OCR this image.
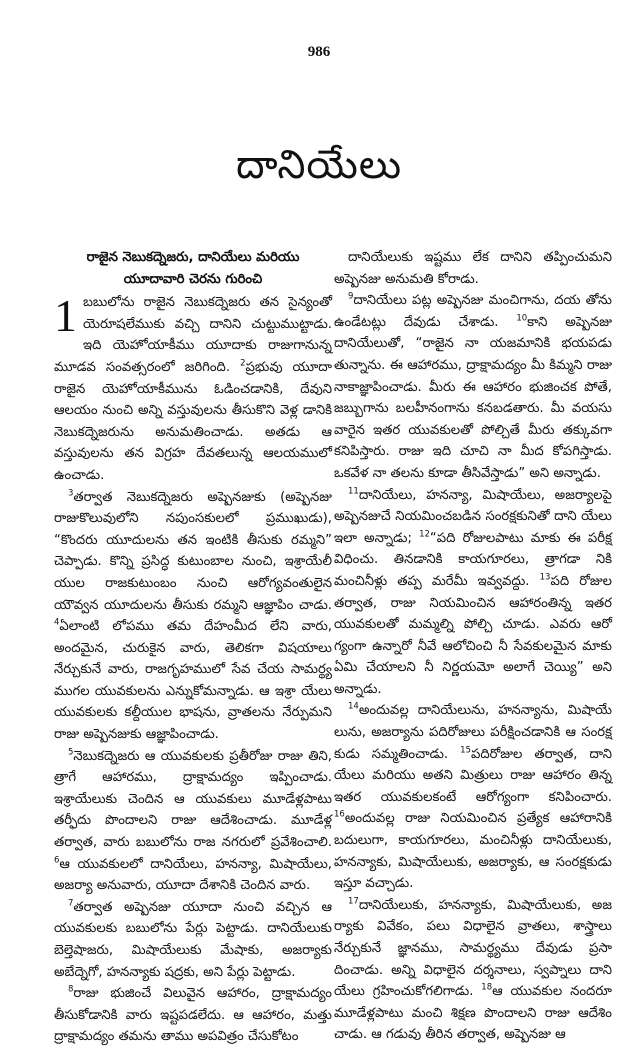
986
దానియేలు
రాజైన నెబుకద్నెజరు, దానియేలు మరియు యూదావారి చెరను గురించి

1 బబులోను రాజైన నెబుకద్నెజరు తన సైన్యంతో యెరూషలేముకు వచ్చి దానిని చుట్టుముట్టాడు. ఇది యెహోయాకీము యూదాకు రాజుగానున్న మూడవ సంవత్సరంలో జరిగింది. $^2$ప్రభువు యూదా రాజైన యెహోయాకీమును ఓడించడానికి, దేవుని ఆలయం నుంచి అన్ని వస్తువులను తీసుకొని వెళ్ల డానికి నెబుకద్నెజరును అనుమతించాడు. అతడు ఆ వస్తువులను తన విగ్రహ దేవతలున్న ఆలయములో ఉంచాడు.

$^3$తర్వాత నెబుకద్నెజరు అష్పెనజుకు (అష్పెనజు రాజుకొలువులోని నపుంసకులలో ప్రముఖుడు), “కొందరు యూదులను తన ఇంటికి తీసుకు రమ్మని” చెప్పాడు. కొన్ని ప్రసిద్ధ కుటుంబాల నుంచి, ఇశ్రాయేలీ యుల రాజకుటుంబం నుంచి ఆరోగ్యవంతులైన యౌవ్వన యూదులను తీసుకు రమ్మని ఆజ్ఞాపిం చాడు. $^4$ఏలాంటి లోపము తమ దేహంమీద లేని వారు, అందమైన, చురుకైన వారు, తెలికగా విషయాలు నేర్చుకునే వారు, రాజగృహములో సేవ చేయ సామర్థ్య ముగల యువకులను ఎన్నుకోమన్నాడు. ఆ ఇశ్రా యేలు యువకులకు కల్దీయుల భాషను, వ్రాతలను నేర్పుమని రాజు అష్పెనజుకు ఆజ్ఞాపించాడు.

$^5$నెబుకద్నెజరు ఆ యువకులకు ప్రతీరోజు రాజు తిని, త్రాగే ఆహారము, ద్రాక్షామద్యం ఇప్పించాడు. ఇశ్రాయేలుకు చెందిన ఆ యువకులు మూడేళ్లపాటు తర్ఫీదు పొందాలని రాజు ఆదేశించాడు. మూడేళ్ల తర్వాత, వారు బబులోను రాజ నగరులో ప్రవేశించాలి. $^6$ఆ యువకులలో దానియేలు, హనన్యా, మిషాయేలు, అజర్యా అనువారు, యూదా దేశానికి చెందిన వారు.

$^7$తర్వాత అష్పెనజు యూదా నుంచి వచ్చిన ఆ యువకులకు బబులోను పేర్లు పెట్టాడు. దానియేలుకు బెల్తెషాజరు, మిషాయేలుకు మేషాకు, అజర్యాకు అబేద్నెగో, హనన్యాకు షద్రకు, అని పేర్లు పెట్టాడు.

$^8$రాజు భుజించే విలువైన ఆహారం, ద్రాక్షామద్యం తీసుకోడానికి వారు ఇష్టపడలేదు. ఆ ఆహారం, మత్తు ద్రాక్షామద్యం తమను తాము అపవిత్రం చేసుకోటం

దానియేలుకు ఇష్టము లేక దానిని తప్పించుమని అష్పెనజు అనుమతి కోరాడు.

$^9$దానియేలు పట్ల అష్పెనజు మంచిగాను, దయ తోను ఉండేటట్లు దేవుడు చేశాడు. $^{10}$కాని అష్పెనజు దానియేలుతో, “రాజైన నా యజమానికి భయపడు తున్నాను. ఈ ఆహారము, ద్రాక్షామద్యం మీ కిమ్మని రాజు నాకాజ్ఞాపించాడు. మీరు ఈ ఆహారం భుజించక పోతే, జబ్బుగాను బలహీనంగాను కనబడతారు. మీ వయసు వారైన ఇతర యువకులతో పోల్చితే మీరు తక్కువగా కనిపిస్తారు. రాజు ఇది చూచి నా మీద కోపగిస్తాడు. ఒకవేళ నా తలను కూడా తీసివేస్తాడు” అని అన్నాడు.

$^{11}$దానియేలు, హనన్యా, మిషాయేలు, అజర్యాలపై అష్పెనజుచే నియమించబడిన సంరక్షకునితో దాని యేలు ఇలా అన్నాడు; $^{12}$“పది రోజులపాటు మాకు ఈ పరీక్ష విధించు. తినడానికి కాయగూరలు, త్రాగడా నికి మంచినీళ్లు తప్ప మరేమీ ఇవ్వవద్దు. $^{13}$పది రోజుల తర్వాత, రాజు నియమించిన ఆహారంతిన్న ఇతర యువకులతో మమ్మల్ని పోల్చి చూడు. ఎవరు ఆరో గ్యంగా ఉన్నారో నీవే ఆలోచించి నీ సేవకులమైన మాకు ఏమి చేయాలని నీ నిర్ణయమో అలాగే చెయ్యి” అని అన్నాడు.

$^{14}$అందువల్ల దానియేలును, హనన్యాను, మిషాయే లును, అజర్యాను పదిరోజులు పరీక్షించడానికి ఆ సంరక్ష కుడు సమ్మతించాడు. $^{15}$పదిరోజుల తర్వాత, దాని యేలు మరియు అతని మిత్రులు రాజు ఆహారం తిన్న ఇతర యువకులకంటే ఆరోగ్యంగా కనిపించారు. $^{16}$అందువల్ల రాజు నియమించిన ప్రత్యేక ఆహారానికి బదులుగా, కాయగూరలు, మంచినీళ్లు దానియేలుకు, హనన్యాకు, మిషాయేలుకు, అజర్యాకు, ఆ సంరక్షకుడు ఇస్తూ వచ్చాడు.

$^{17}$దానియేలుకు, హనన్యాకు, మిషాయేలుకు, అజ ర్యాకు వివేకం, పలు విధాలైన వ్రాతలు, శాస్త్రాలు నేర్చుకునే జ్ఞానము, సామర్థ్యము దేవుడు ప్రసా దించాడు. అన్ని విధాలైన దర్శనాలు, స్వప్నాలు దాని యేలు గ్రహించుకోగలిగాడు. $^{18}$ఆ యువకుల నందరూ మూడేళ్లపాటు మంచి శిక్షణ పొందాలని రాజు ఆదేశిం చాడు. ఆ గడువు తీరిన తర్వాత, అష్పెనజు ఆ
